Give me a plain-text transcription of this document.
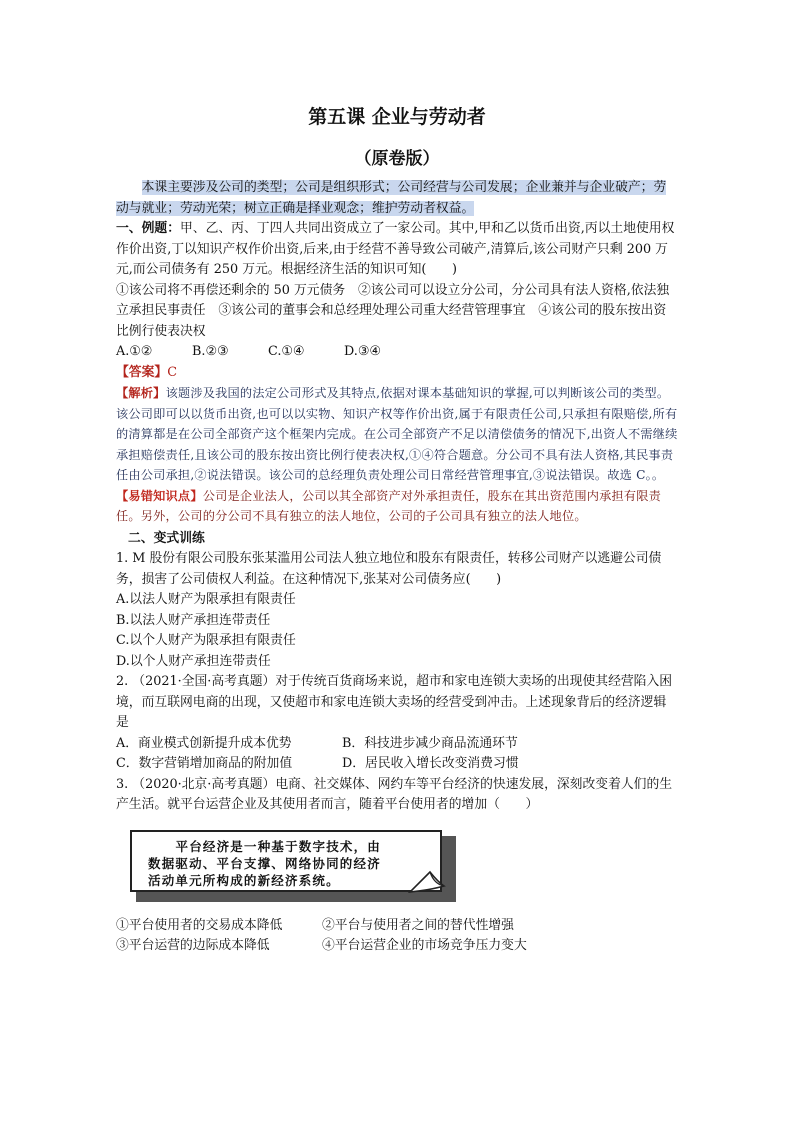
第五课 企业与劳动者

（原卷版）

本课主要涉及公司的类型；公司是组织形式；公司经营与公司发展；企业兼并与企业破产；劳动与就业；劳动光荣；树立正确是择业观念；维护劳动者权益。

一、例题：甲、乙、丙、丁四人共同出资成立了一家公司。其中,甲和乙以货币出资,丙以土地使用权作价出资,丁以知识产权作价出资,后来,由于经营不善导致公司破产,清算后,该公司财产只剩 200 万元,而公司债务有 250 万元。根据经济生活的知识可知(　　)

①该公司将不再偿还剩余的 50 万元债务　②该公司可以设立分公司，分公司具有法人资格,依法独立承担民事责任　③该公司的董事会和总经理处理公司重大经营管理事宜　④该公司的股东按出资比例行使表决权

A.①②	B.②③	C.①④	D.③④

【答案】C

【解析】该题涉及我国的法定公司形式及其特点,依据对课本基础知识的掌握,可以判断该公司的类型。该公司即可以以货币出资,也可以以实物、知识产权等作价出资,属于有限责任公司,只承担有限赔偿,所有的清算都是在公司全部资产这个框架内完成。在公司全部资产不足以清偿债务的情况下,出资人不需继续承担赔偿责任,且该公司的股东按出资比例行使表决权,①④符合题意。分公司不具有法人资格,其民事责任由公司承担,②说法错误。该公司的总经理负责处理公司日常经营管理事宜,③说法错误。故选 C。。

【易错知识点】公司是企业法人，公司以其全部资产对外承担责任，股东在其出资范围内承担有限责任。另外，公司的分公司不具有独立的法人地位，公司的子公司具有独立的法人地位。

二、变式训练

1. M 股份有限公司股东张某滥用公司法人独立地位和股东有限责任，转移公司财产以逃避公司债务，损害了公司债权人利益。在这种情况下,张某对公司债务应(　　)

A.以法人财产为限承担有限责任

B.以法人财产承担连带责任

C.以个人财产为限承担有限责任

D.以个人财产承担连带责任

2. （2021·全国·高考真题）对于传统百货商场来说，超市和家电连锁大卖场的出现使其经营陷入困境，而互联网电商的出现，又使超市和家电连锁大卖场的经营受到冲击。上述现象背后的经济逻辑是

A．商业模式创新提升成本优势	B．科技进步减少商品流通环节

C．数字营销增加商品的附加值	D．居民收入增长改变消费习惯

3. （2020·北京·高考真题）电商、社交媒体、网约车等平台经济的快速发展，深刻改变着人们的生产生活。就平台运营企业及其使用者而言，随着平台使用者的增加（　　）

平台经济是一种基于数字技术，由
数据驱动、平台支撑、网络协同的经济
活动单元所构成的新经济系统。

①平台使用者的交易成本降低	②平台与使用者之间的替代性增强

③平台运营的边际成本降低	④平台运营企业的市场竞争压力变大
